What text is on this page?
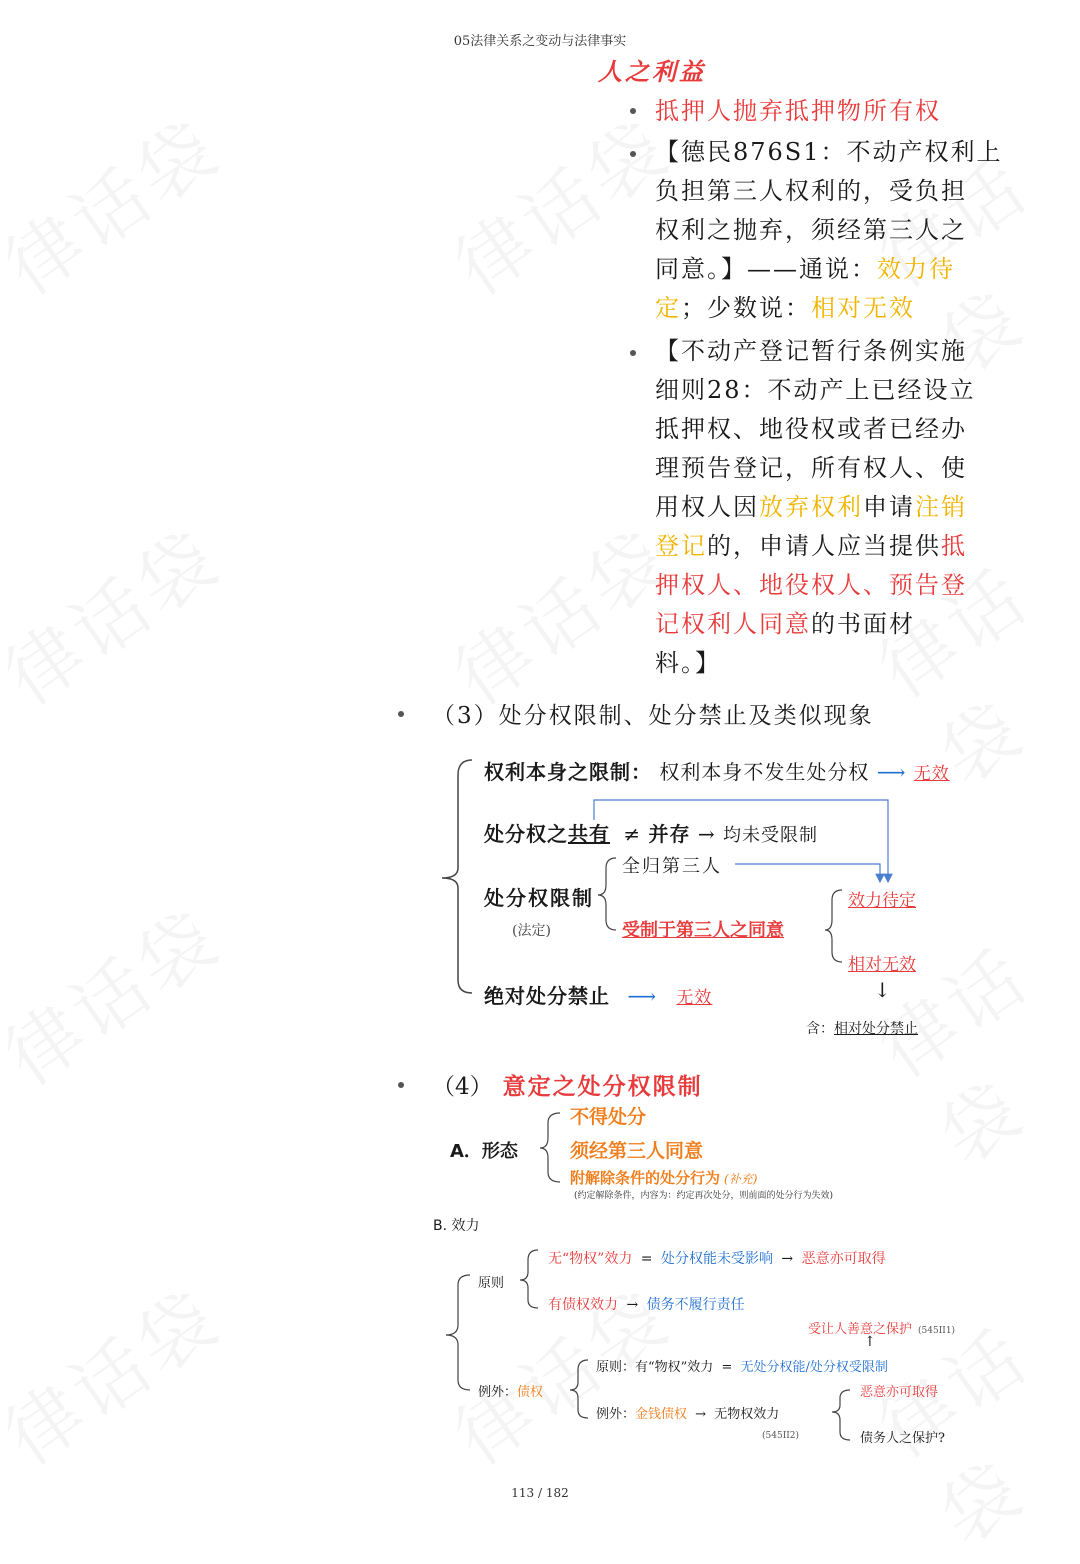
05法律关系之变动与法律事实
人之利益
抵押人抛弃抵押物所有权
【德民876S1：不动产权利上
负担第三人权利的，受负担
权利之抛弃，须经第三人之
同意。】——通说：效力待
定；少数说：相对无效
【不动产登记暂行条例实施
细则28：不动产上已经设立
抵押权、地役权或者已经办
理预告登记，所有权人、使
用权人因放弃权利申请注销
登记的，申请人应当提供抵
押权人、地役权人、预告登
记权利人同意的书面材
料。】
（3）处分权限制、处分禁止及类似现象
权利本身之限制： 权利本身不发生处分权 ⟶ 无效
处分权之共有 ≠ 并存 → 均未受限制
处分权限制
(法定)
全归第三人
受制于第三人之同意
效力待定
相对无效
↓
绝对处分禁止 ⟶ 无效
含：相对处分禁止
（4） 意定之处分权限制
A．形态
不得处分
须经第三人同意
附解除条件的处分行为 (补充)
(约定解除条件，内容为：约定再次处分，则前面的处分行为失效)
B. 效力
原则
无“物权”效力 = 处分权能未受影响 → 恶意亦可取得
有债权效力 → 债务不履行责任
受让人善意之保护 (545II1)
↑
例外：债权
原则：有“物权”效力 = 无处分权能/处分权受限制
例外：金钱债权 → 无物权效力
(545II2)
恶意亦可取得
债务人之保护?
113 / 182
